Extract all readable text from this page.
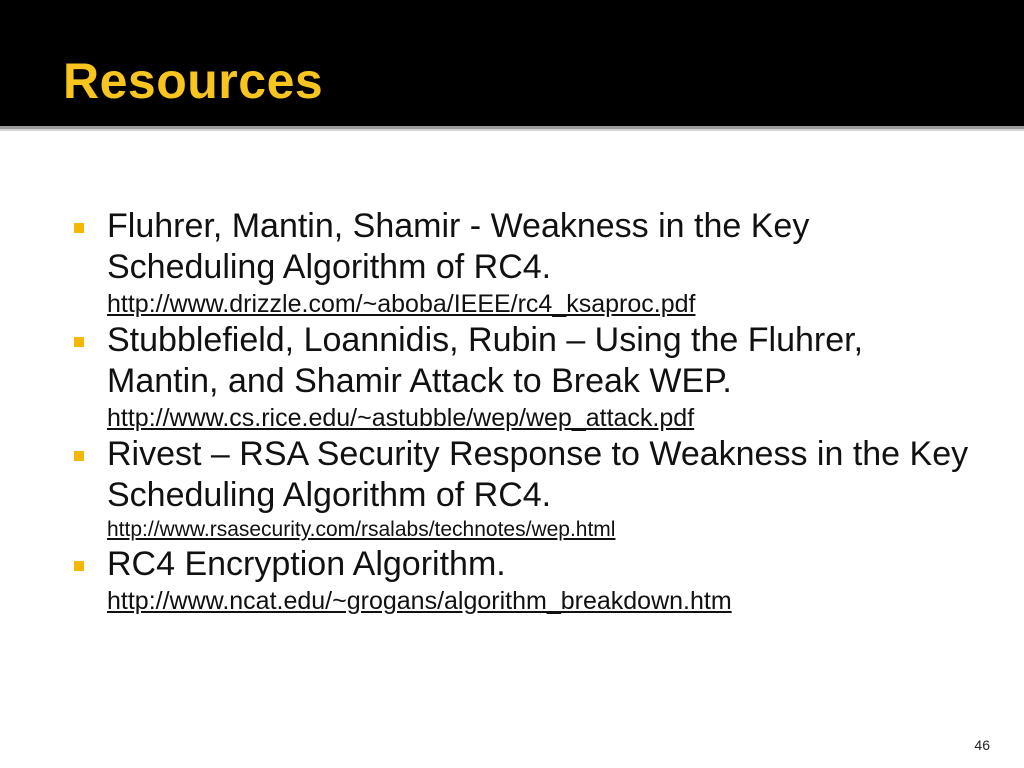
Resources
Fluhrer, Mantin, Shamir - Weakness in the Key Scheduling Algorithm of RC4.
http://www.drizzle.com/~aboba/IEEE/rc4_ksaproc.pdf
Stubblefield, Loannidis, Rubin – Using the Fluhrer, Mantin, and Shamir Attack to Break WEP.
http://www.cs.rice.edu/~astubble/wep/wep_attack.pdf
Rivest – RSA Security Response to Weakness in the Key Scheduling Algorithm of RC4.
http://www.rsasecurity.com/rsalabs/technotes/wep.html
RC4 Encryption Algorithm.
http://www.ncat.edu/~grogans/algorithm_breakdown.htm
46
